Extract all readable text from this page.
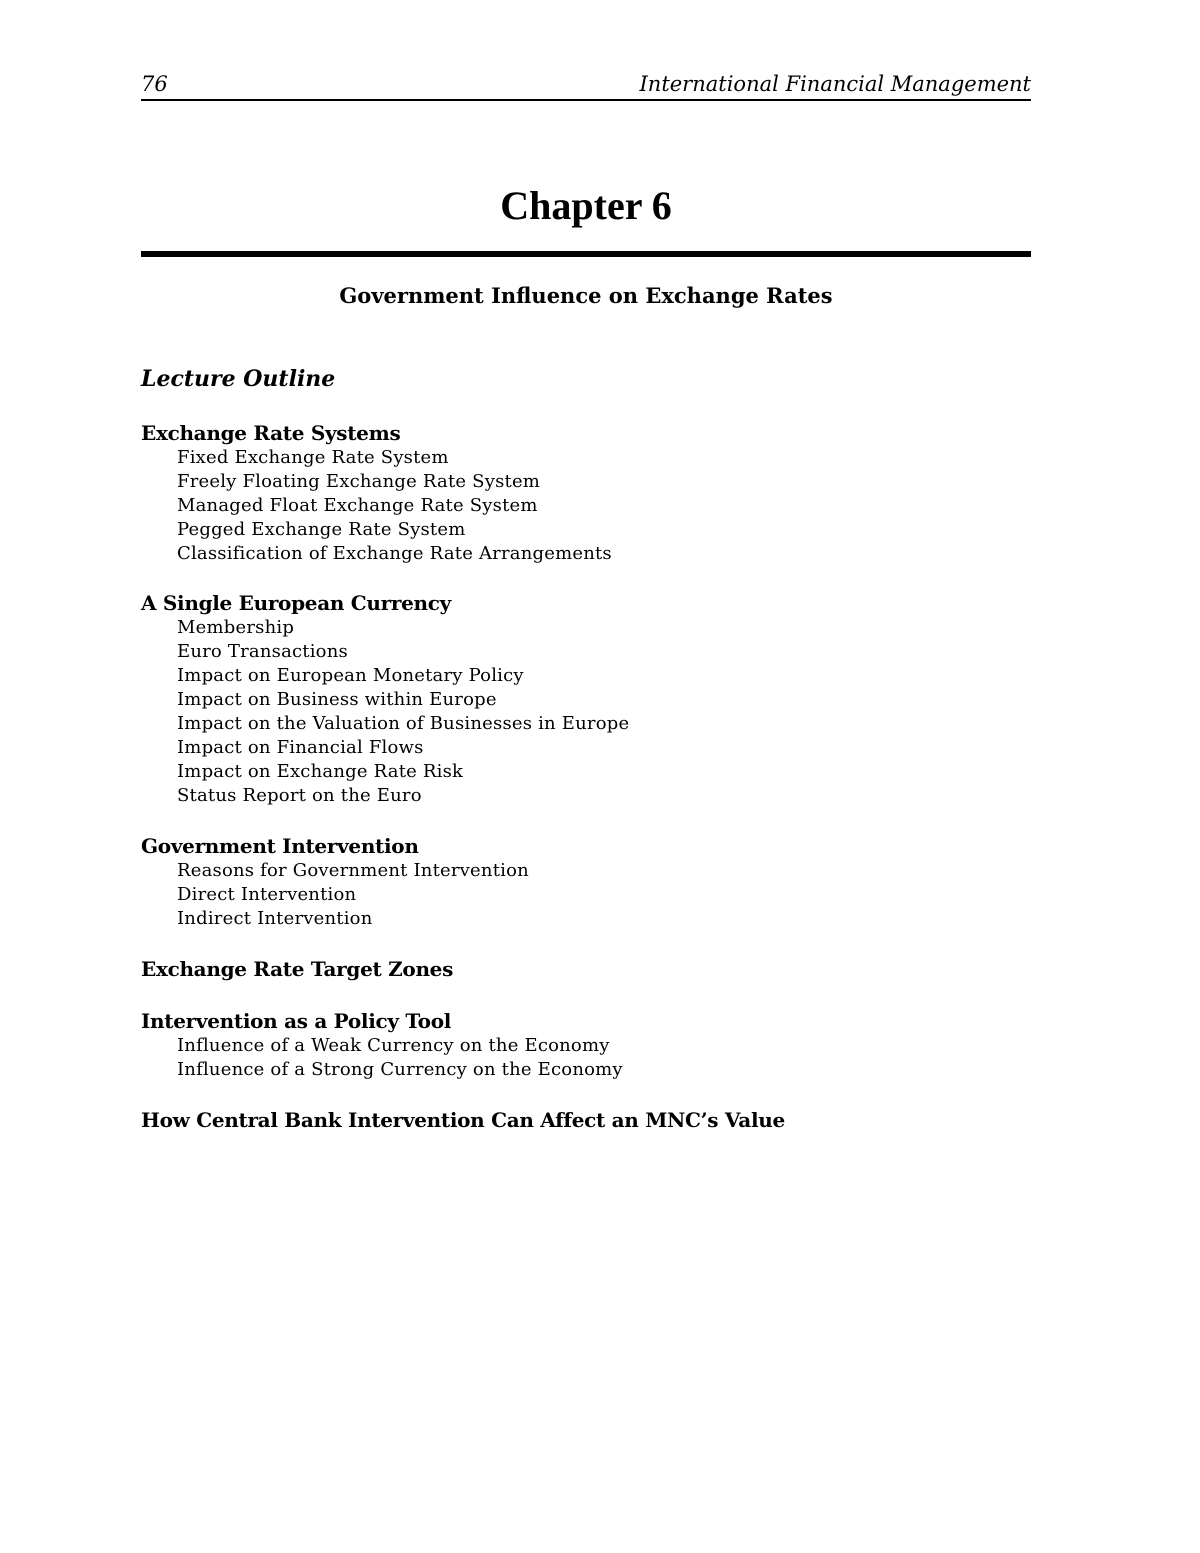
76	International Financial Management
Chapter 6
Government Influence on Exchange Rates
Lecture Outline
Exchange Rate Systems
Fixed Exchange Rate System
Freely Floating Exchange Rate System
Managed Float Exchange Rate System
Pegged Exchange Rate System
Classification of Exchange Rate Arrangements
A Single European Currency
Membership
Euro Transactions
Impact on European Monetary Policy
Impact on Business within Europe
Impact on the Valuation of Businesses in Europe
Impact on Financial Flows
Impact on Exchange Rate Risk
Status Report on the Euro
Government Intervention
Reasons for Government Intervention
Direct Intervention
Indirect Intervention
Exchange Rate Target Zones
Intervention as a Policy Tool
Influence of a Weak Currency on the Economy
Influence of a Strong Currency on the Economy
How Central Bank Intervention Can Affect an MNC’s Value
